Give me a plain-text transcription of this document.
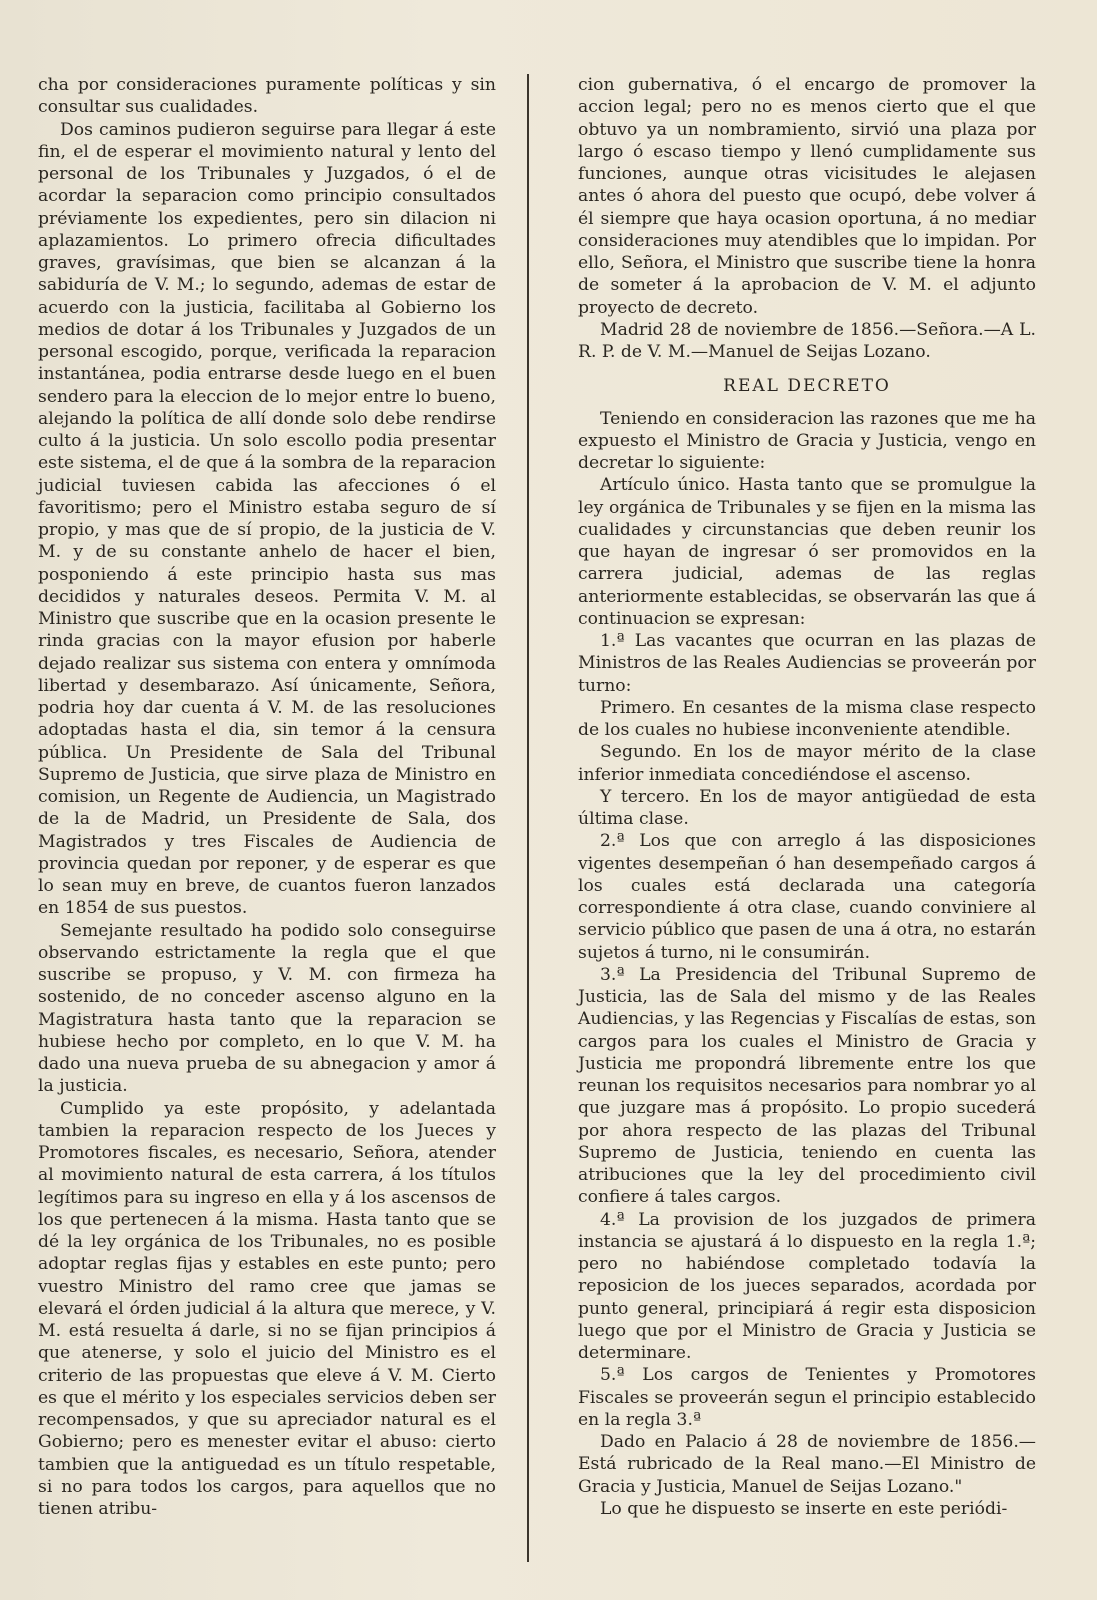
cha por consideraciones puramente políticas y sin consultar sus cualidades.

Dos caminos pudieron seguirse para llegar á este fin, el de esperar el movimiento natural y lento del personal de los Tribunales y Juzgados, ó el de acordar la separacion como principio consultados préviamente los expedientes, pero sin dilacion ni aplazamientos. Lo primero ofrecia dificultades graves, gravísimas, que bien se alcanzan á la sabiduría de V. M.; lo segundo, ademas de estar de acuerdo con la justicia, facilitaba al Gobierno los medios de dotar á los Tribunales y Juzgados de un personal escogido, porque, verificada la reparacion instantánea, podia entrarse desde luego en el buen sendero para la eleccion de lo mejor entre lo bueno, alejando la política de allí donde solo debe rendirse culto á la justicia. Un solo escollo podia presentar este sistema, el de que á la sombra de la reparacion judicial tuviesen cabida las afecciones ó el favoritismo; pero el Ministro estaba seguro de sí propio, y mas que de sí propio, de la justicia de V. M. y de su constante anhelo de hacer el bien, posponiendo á este principio hasta sus mas decididos y naturales deseos. Permita V. M. al Ministro que suscribe que en la ocasion presente le rinda gracias con la mayor efusion por haberle dejado realizar sus sistema con entera y omnímoda libertad y desembarazo. Así únicamente, Señora, podria hoy dar cuenta á V. M. de las resoluciones adoptadas hasta el dia, sin temor á la censura pública. Un Presidente de Sala del Tribunal Supremo de Justicia, que sirve plaza de Ministro en comision, un Regente de Audiencia, un Magistrado de la de Madrid, un Presidente de Sala, dos Magistrados y tres Fiscales de Audiencia de provincia quedan por reponer, y de esperar es que lo sean muy en breve, de cuantos fueron lanzados en 1854 de sus puestos.

Semejante resultado ha podido solo conseguirse observando estrictamente la regla que el que suscribe se propuso, y V. M. con firmeza ha sostenido, de no conceder ascenso alguno en la Magistratura hasta tanto que la reparacion se hubiese hecho por completo, en lo que V. M. ha dado una nueva prueba de su abnegacion y amor á la justicia.

Cumplido ya este propósito, y adelantada tambien la reparacion respecto de los Jueces y Promotores fiscales, es necesario, Señora, atender al movimiento natural de esta carrera, á los títulos legítimos para su ingreso en ella y á los ascensos de los que pertenecen á la misma. Hasta tanto que se dé la ley orgánica de los Tribunales, no es posible adoptar reglas fijas y estables en este punto; pero vuestro Ministro del ramo cree que jamas se elevará el órden judicial á la altura que merece, y V. M. está resuelta á darle, si no se fijan principios á que atenerse, y solo el juicio del Ministro es el criterio de las propuestas que eleve á V. M. Cierto es que el mérito y los especiales servicios deben ser recompensados, y que su apreciador natural es el Gobierno; pero es menester evitar el abuso: cierto tambien que la antiguedad es un título respetable, si no para todos los cargos, para aquellos que no tienen atribu-

cion gubernativa, ó el encargo de promover la accion legal; pero no es menos cierto que el que obtuvo ya un nombramiento, sirvió una plaza por largo ó escaso tiempo y llenó cumplidamente sus funciones, aunque otras vicisitudes le alejasen antes ó ahora del puesto que ocupó, debe volver á él siempre que haya ocasion oportuna, á no mediar consideraciones muy atendibles que lo impidan. Por ello, Señora, el Ministro que suscribe tiene la honra de someter á la aprobacion de V. M. el adjunto proyecto de decreto.

Madrid 28 de noviembre de 1856.—Señora.—A L. R. P. de V. M.—Manuel de Seijas Lozano.

REAL DECRETO

Teniendo en consideracion las razones que me ha expuesto el Ministro de Gracia y Justicia, vengo en decretar lo siguiente:

Artículo único. Hasta tanto que se promulgue la ley orgánica de Tribunales y se fijen en la misma las cualidades y circunstancias que deben reunir los que hayan de ingresar ó ser promovidos en la carrera judicial, ademas de las reglas anteriormente establecidas, se observarán las que á continuacion se expresan:

1.ª Las vacantes que ocurran en las plazas de Ministros de las Reales Audiencias se proveerán por turno:

Primero. En cesantes de la misma clase respecto de los cuales no hubiese inconveniente atendible.

Segundo. En los de mayor mérito de la clase inferior inmediata concediéndose el ascenso.

Y tercero. En los de mayor antigüedad de esta última clase.

2.ª Los que con arreglo á las disposiciones vigentes desempeñan ó han desempeñado cargos á los cuales está declarada una categoría correspondiente á otra clase, cuando conviniere al servicio público que pasen de una á otra, no estarán sujetos á turno, ni le consumirán.

3.ª La Presidencia del Tribunal Supremo de Justicia, las de Sala del mismo y de las Reales Audiencias, y las Regencias y Fiscalías de estas, son cargos para los cuales el Ministro de Gracia y Justicia me propondrá libremente entre los que reunan los requisitos necesarios para nombrar yo al que juzgare mas á propósito. Lo propio sucederá por ahora respecto de las plazas del Tribunal Supremo de Justicia, teniendo en cuenta las atribuciones que la ley del procedimiento civil confiere á tales cargos.

4.ª La provision de los juzgados de primera instancia se ajustará á lo dispuesto en la regla 1.ª; pero no habiéndose completado todavía la reposicion de los jueces separados, acordada por punto general, principiará á regir esta disposicion luego que por el Ministro de Gracia y Justicia se determinare.

5.ª Los cargos de Tenientes y Promotores Fiscales se proveerán segun el principio establecido en la regla 3.ª

Dado en Palacio á 28 de noviembre de 1856.—Está rubricado de la Real mano.—El Ministro de Gracia y Justicia, Manuel de Seijas Lozano."

Lo que he dispuesto se inserte en este periódi-
